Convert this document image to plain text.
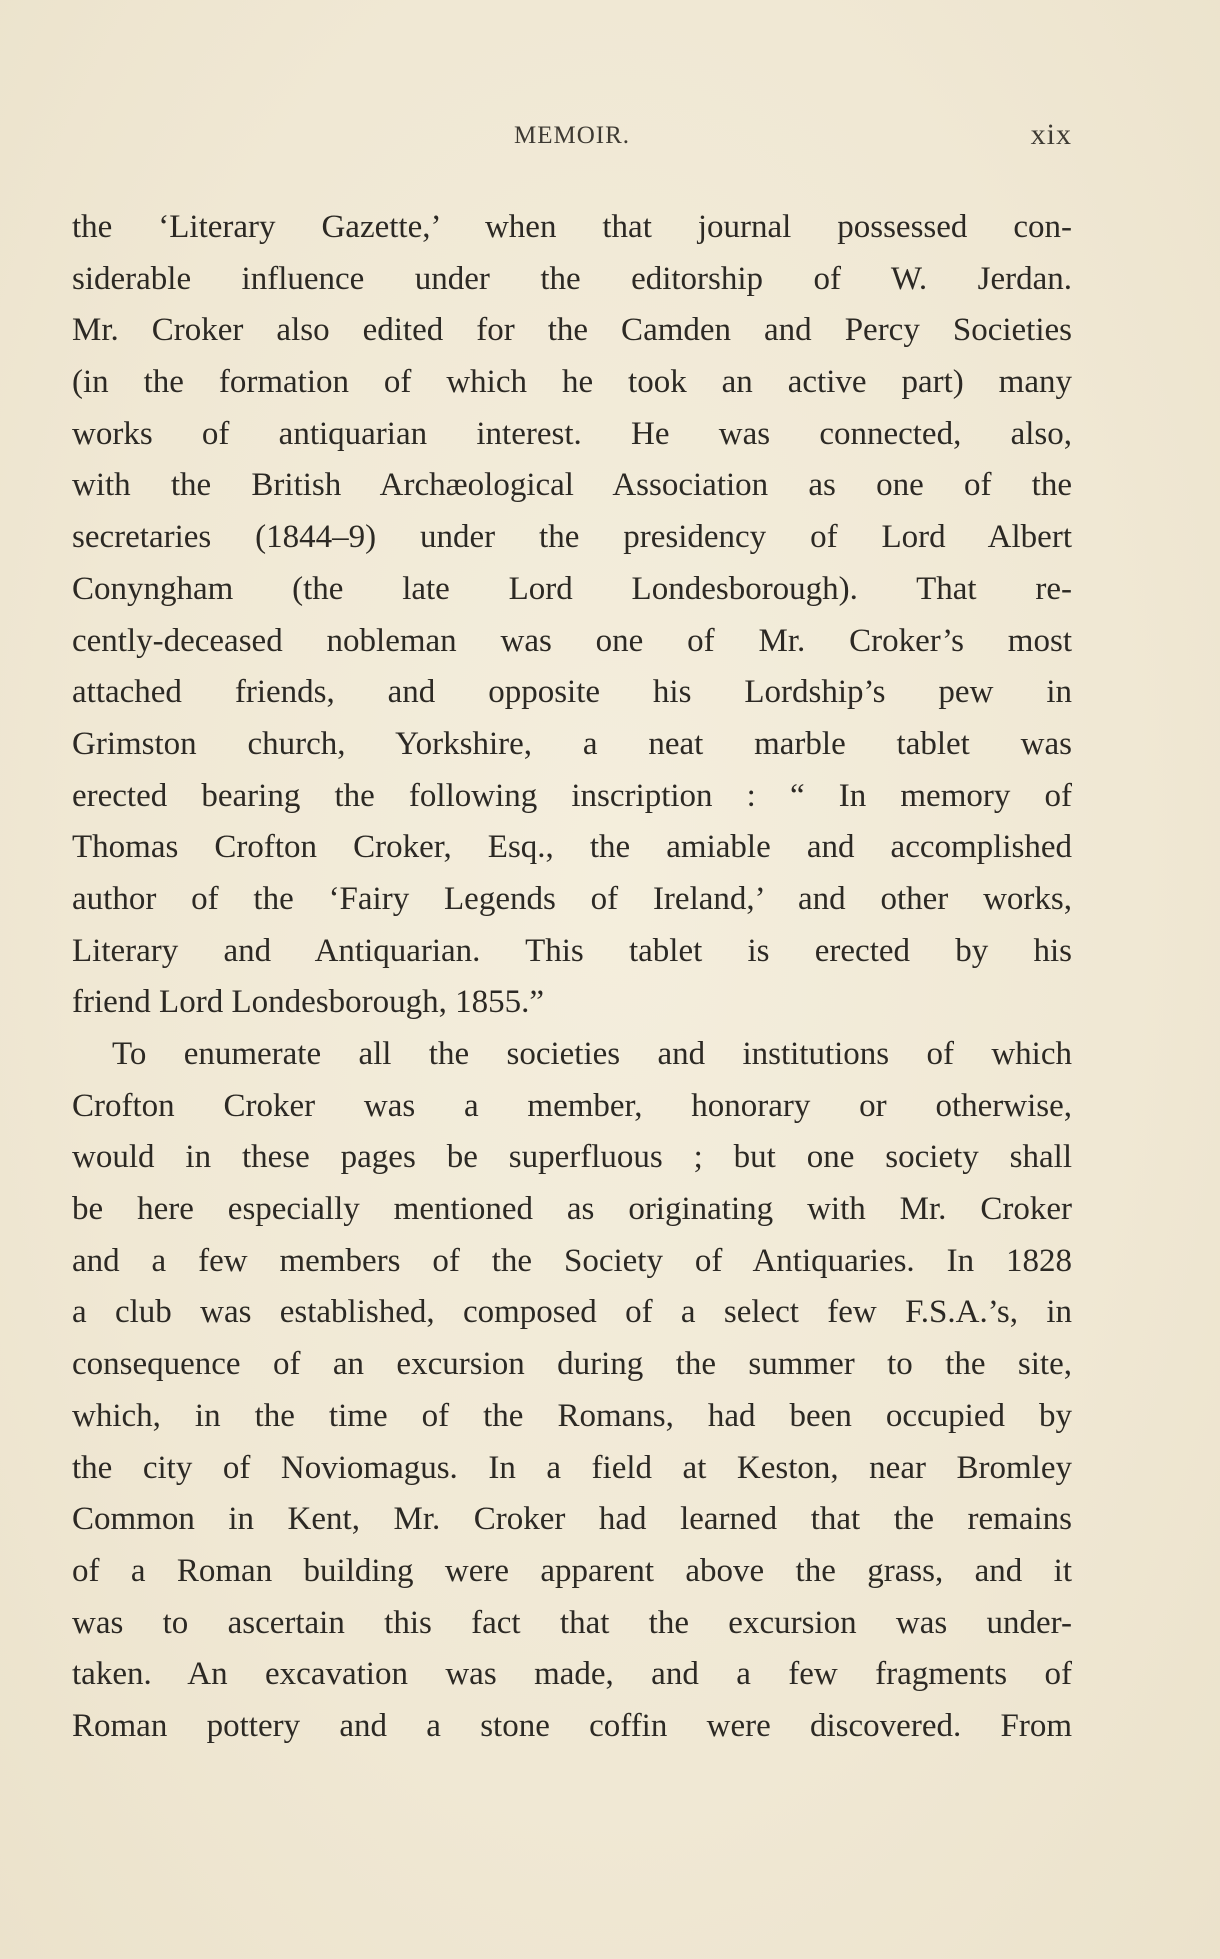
MEMOIR.	xix
the ‘Literary Gazette,’ when that journal possessed con-
siderable influence under the editorship of W. Jerdan.
Mr. Croker also edited for the Camden and Percy Societies
(in the formation of which he took an active part) many
works of antiquarian interest. He was connected, also,
with the British Archæological Association as one of the
secretaries (1844–9) under the presidency of Lord Albert
Conyngham (the late Lord Londesborough). That re-
cently-deceased nobleman was one of Mr. Croker’s most
attached friends, and opposite his Lordship’s pew in
Grimston church, Yorkshire, a neat marble tablet was
erected bearing the following inscription : “ In memory of
Thomas Crofton Croker, Esq., the amiable and accomplished
author of the ‘Fairy Legends of Ireland,’ and other works,
Literary and Antiquarian. This tablet is erected by his
friend Lord Londesborough, 1855.”
To enumerate all the societies and institutions of which
Crofton Croker was a member, honorary or otherwise,
would in these pages be superfluous ; but one society shall
be here especially mentioned as originating with Mr. Croker
and a few members of the Society of Antiquaries. In 1828
a club was established, composed of a select few F.S.A.’s, in
consequence of an excursion during the summer to the site,
which, in the time of the Romans, had been occupied by
the city of Noviomagus. In a field at Keston, near Bromley
Common in Kent, Mr. Croker had learned that the remains
of a Roman building were apparent above the grass, and it
was to ascertain this fact that the excursion was under-
taken. An excavation was made, and a few fragments of
Roman pottery and a stone coffin were discovered. From
